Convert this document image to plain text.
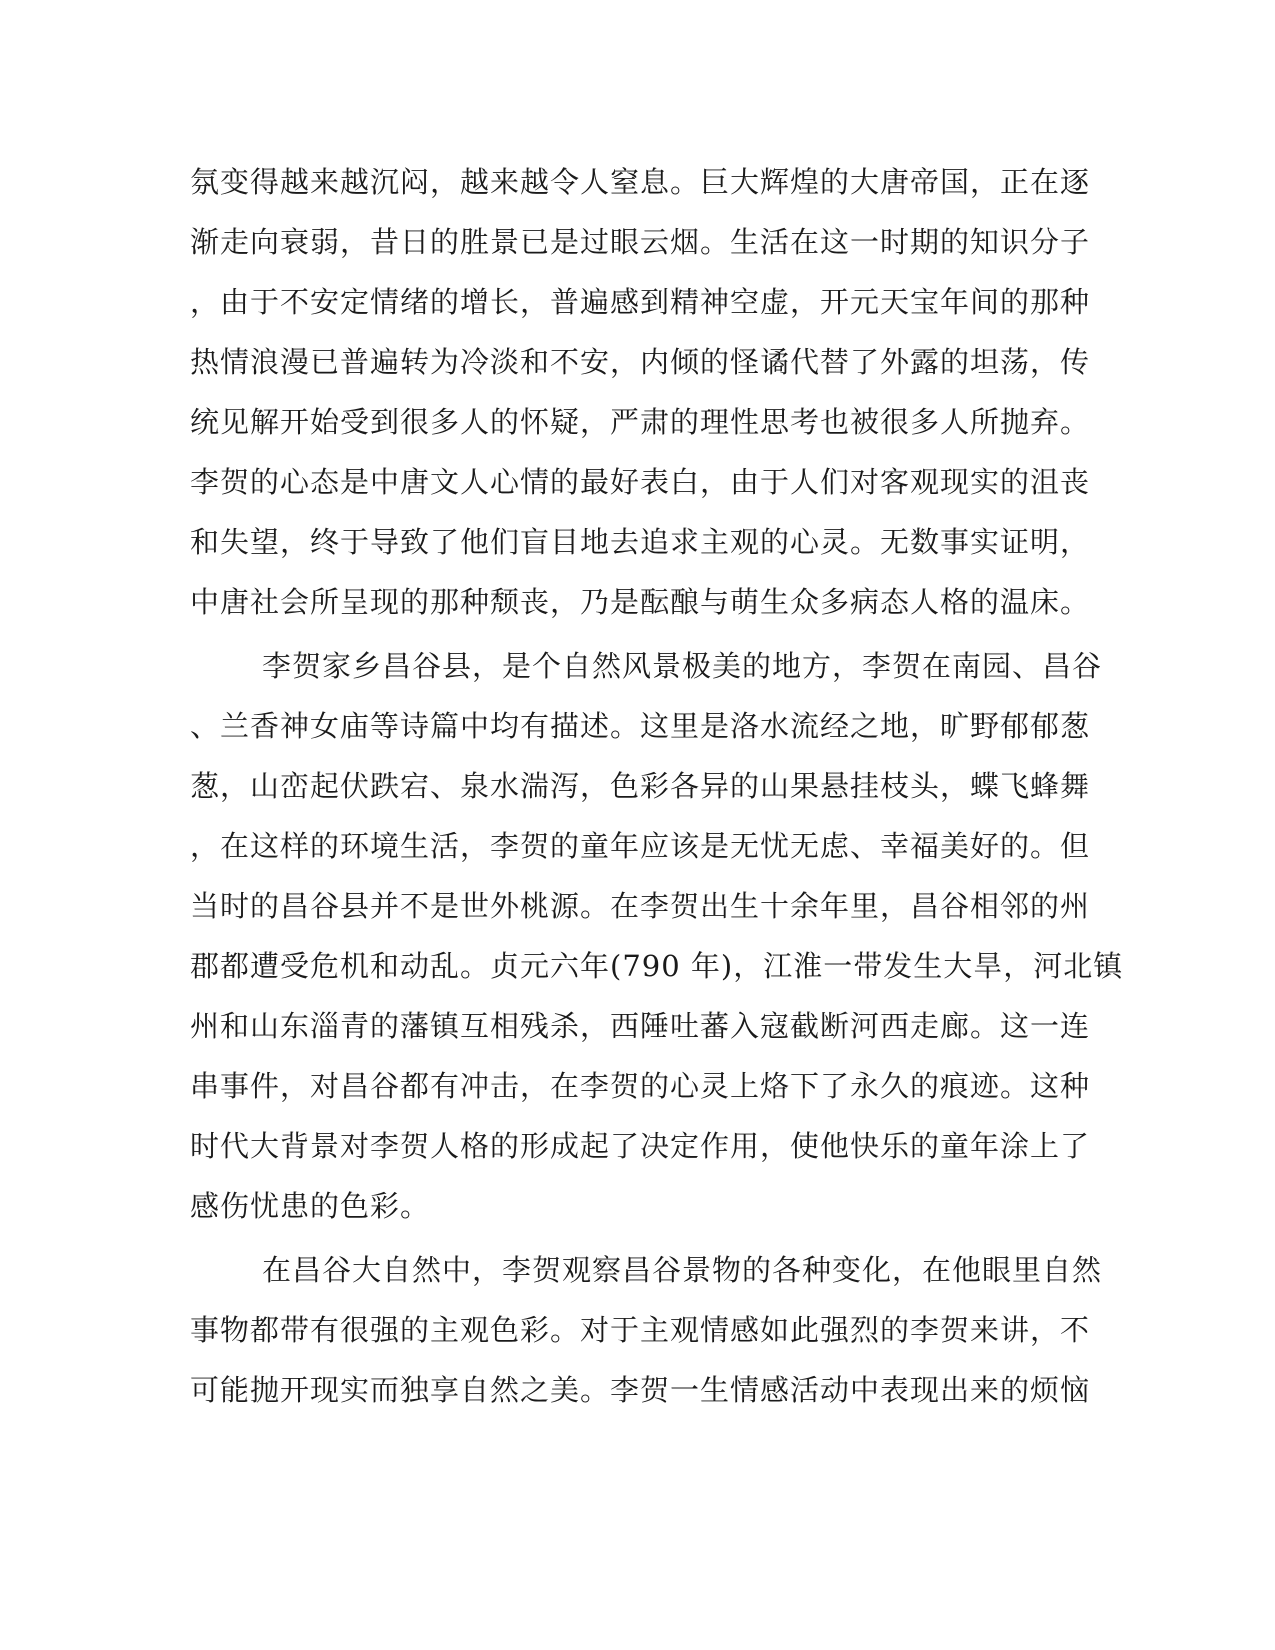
氛变得越来越沉闷，越来越令人窒息。巨大辉煌的大唐帝国，正在逐
渐走向衰弱，昔日的胜景已是过眼云烟。生活在这一时期的知识分子
，由于不安定情绪的增长，普遍感到精神空虚，开元天宝年间的那种
热情浪漫已普遍转为冷淡和不安，内倾的怪谲代替了外露的坦荡，传
统见解开始受到很多人的怀疑，严肃的理性思考也被很多人所抛弃。
李贺的心态是中唐文人心情的最好表白，由于人们对客观现实的沮丧
和失望，终于导致了他们盲目地去追求主观的心灵。无数事实证明，
中唐社会所呈现的那种颓丧，乃是酝酿与萌生众多病态人格的温床。
李贺家乡昌谷县，是个自然风景极美的地方，李贺在南园、昌谷
、兰香神女庙等诗篇中均有描述。这里是洛水流经之地，旷野郁郁葱
葱，山峦起伏跌宕、泉水湍泻，色彩各异的山果悬挂枝头，蝶飞蜂舞
，在这样的环境生活，李贺的童年应该是无忧无虑、幸福美好的。但
当时的昌谷县并不是世外桃源。在李贺出生十余年里，昌谷相邻的州
郡都遭受危机和动乱。贞元六年(790 年)，江淮一带发生大旱，河北镇
州和山东淄青的藩镇互相残杀，西陲吐蕃入寇截断河西走廊。这一连
串事件，对昌谷都有冲击，在李贺的心灵上烙下了永久的痕迹。这种
时代大背景对李贺人格的形成起了决定作用，使他快乐的童年涂上了
感伤忧患的色彩。
在昌谷大自然中，李贺观察昌谷景物的各种变化，在他眼里自然
事物都带有很强的主观色彩。对于主观情感如此强烈的李贺来讲，不
可能抛开现实而独享自然之美。李贺一生情感活动中表现出来的烦恼
